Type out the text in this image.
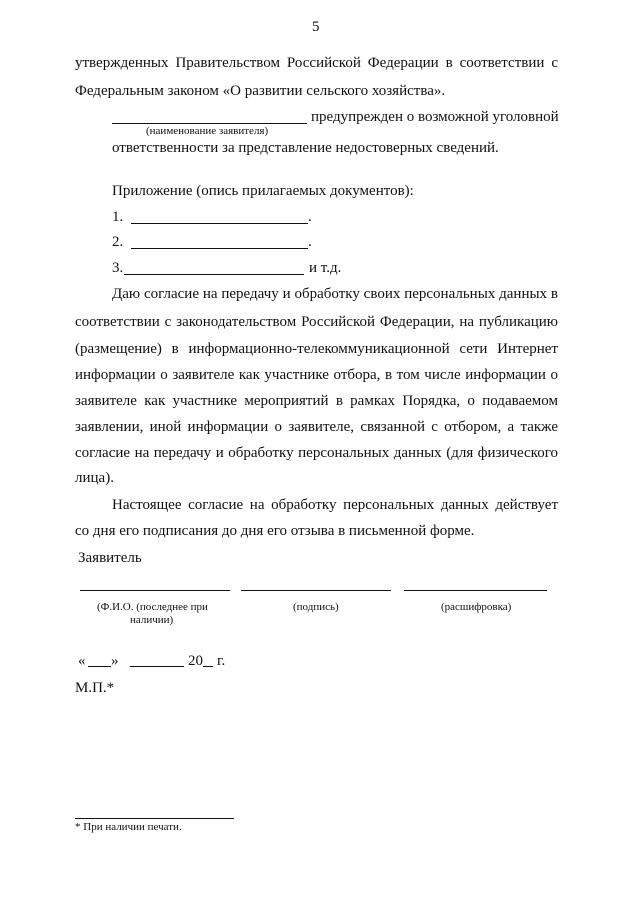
5
утвержденных Правительством Российской Федерации в соответствии с
Федеральным законом «О развитии сельского хозяйства».
предупрежден о возможной уголовной
(наименование заявителя)
ответственности за представление недостоверных сведений.
Приложение (опись прилагаемых документов):
1.	.
2.	.
3.	и т.д.
Даю согласие на передачу и обработку своих персональных данных в
соответствии с законодательством Российской Федерации, на публикацию
(размещение) в информационно-телекоммуникационной сети Интернет
информации о заявителе как участнике отбора, в том числе информации о
заявителе как участнике мероприятий в рамках Порядка, о подаваемом
заявлении, иной информации о заявителе, связанной с отбором, а также
согласие на передачу и обработку персональных данных (для физического
лица).
Настоящее согласие на обработку персональных данных действует
со дня его подписания до дня его отзыва в письменной форме.
Заявитель
(Ф.И.О. (последнее при
наличии)
(подпись)	(расшифровка)
« »	20 г.
М.П.*
* При наличии печати.
